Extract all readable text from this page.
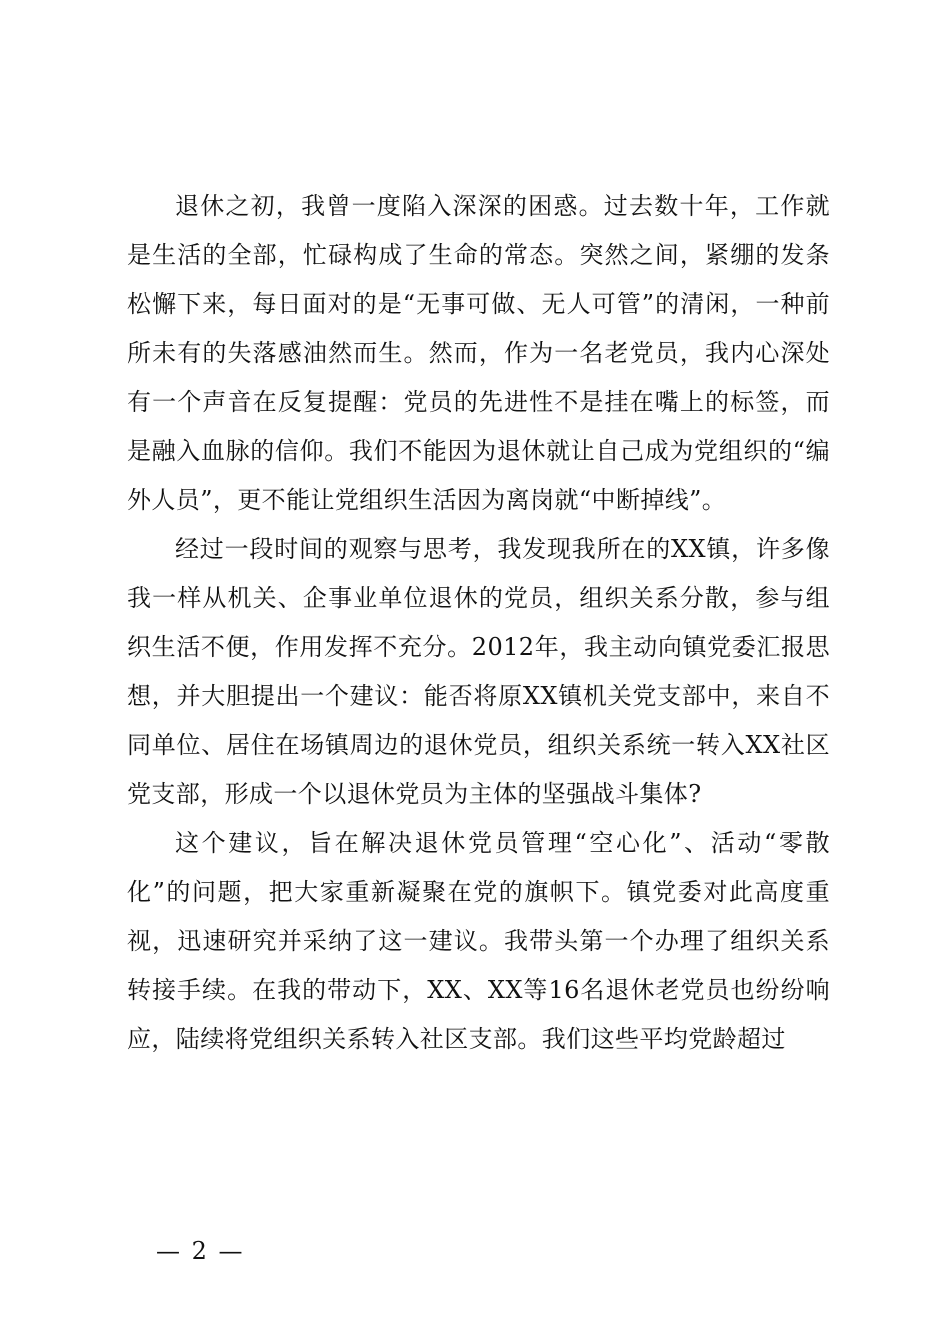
退休之初，我曾一度陷入深深的困惑。过去数十年，工作就是生活的全部，忙碌构成了生命的常态。突然之间，紧绷的发条松懈下来，每日面对的是“无事可做、无人可管”的清闲，一种前所未有的失落感油然而生。然而，作为一名老党员，我内心深处有一个声音在反复提醒：党员的先进性不是挂在嘴上的标签，而是融入血脉的信仰。我们不能因为退休就让自己成为党组织的“编外人员”，更不能让党组织生活因为离岗就“中断掉线”。

经过一段时间的观察与思考，我发现我所在的XX镇，许多像我一样从机关、企事业单位退休的党员，组织关系分散，参与组织生活不便，作用发挥不充分。2012年，我主动向镇党委汇报思想，并大胆提出一个建议：能否将原XX镇机关党支部中，来自不同单位、居住在场镇周边的退休党员，组织关系统一转入XX社区党支部，形成一个以退休党员为主体的坚强战斗集体?

这个建议，旨在解决退休党员管理“空心化”、活动“零散化”的问题，把大家重新凝聚在党的旗帜下。镇党委对此高度重视，迅速研究并采纳了这一建议。我带头第一个办理了组织关系转接手续。在我的带动下，XX、XX等16名退休老党员也纷纷响应，陆续将党组织关系转入社区支部。我们这些平均党龄超过

— 2 —
